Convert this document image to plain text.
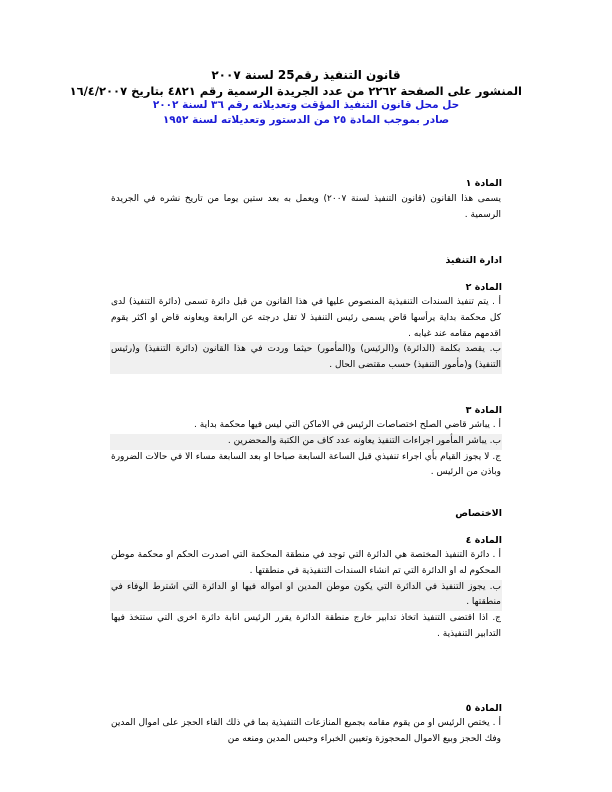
قانون التنفيذ رقم25 لسنة ٢٠٠٧
المنشور على الصفحة ٢٢٦٢ من عدد الجريدة الرسمية رقم ٤٨٢١ بتاريخ ١٦/٤/٢٠٠٧
حل محل قانون التنفيذ المؤقت وتعديلاته رقم ٣٦ لسنة ٢٠٠٢
صادر بموجب المادة ٢٥ من الدستور وتعديلاته لسنة ١٩٥٢
المادة ١

يسمى هذا القانون (قانون التنفيذ لسنة ٢٠٠٧) ويعمل به بعد ستين يوما من تاريخ نشره في الجريدة الرسمية .

ادارة التنفيذ
المادة ٢

أ . يتم تنفيذ السندات التنفيذية المنصوص عليها في هذا القانون من قبل دائرة تسمى (دائرة التنفيذ) لدى كل محكمة بداية يرأسها قاض يسمى رئيس التنفيذ لا تقل درجته عن الرابعة ويعاونه قاض او اكثر يقوم اقدمهم مقامه عند غيابه .

ب. يقصد بكلمة (الدائرة) و(الرئيس) و(المأمور) حيثما وردت في هذا القانون (دائرة التنفيذ) و(رئيس التنفيذ) و(مأمور التنفيذ) حسب مقتضى الحال .

المادة ٣

أ . يباشر قاضي الصلح اختصاصات الرئيس في الاماكن التي ليس فيها محكمة بداية .

ب. يباشر المأمور اجراءات التنفيذ يعاونه عدد كاف من الكتبة والمحضرين .

ج. لا يجوز القيام بأي اجراء تنفيذي قبل الساعة السابعة صباحا او بعد السابعة مساء الا في حالات الضرورة وباذن من الرئيس .

الاختصاص
المادة ٤

أ . دائرة التنفيذ المختصة هي الدائرة التي توجد في منطقة المحكمة التي اصدرت الحكم او محكمة موطن المحكوم له او الدائرة التي تم انشاء السندات التنفيذية في منطقتها .

ب. يجوز التنفيذ في الدائرة التي يكون موطن المدين او امواله فيها او الدائرة التي اشترط الوفاء في منطقتها .

ج. اذا اقتضى التنفيذ اتخاذ تدابير خارج منطقة الدائرة يقرر الرئيس انابة دائرة اخرى التي ستتخذ فيها التدابير التنفيذية .

المادة ٥

أ . يختص الرئيس او من يقوم مقامه بجميع المنازعات التنفيذية بما في ذلك القاء الحجز على اموال المدين وفك الحجز وبيع الاموال المحجوزة وتعيين الخبراء وحبس المدين ومنعه من
